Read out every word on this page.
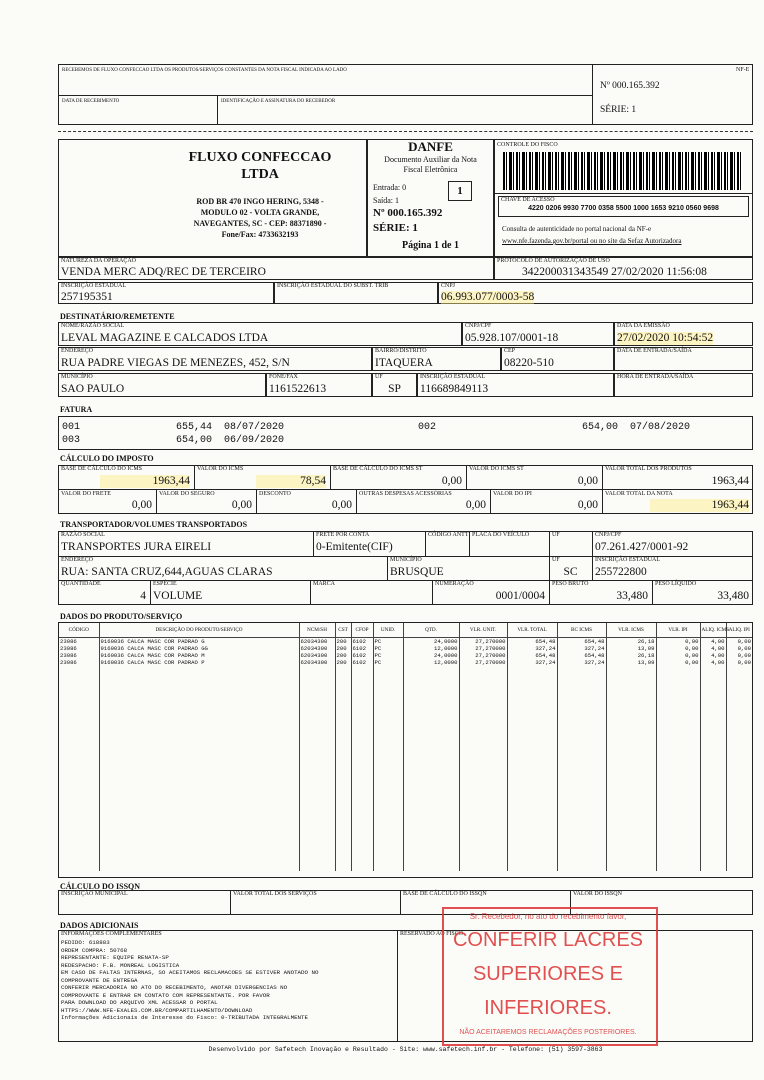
RECEBEMOS DE FLUXO CONFECCAO LTDA OS PRODUTOS/SERVIÇOS CONSTANTES DA NOTA FISCAL INDICADA AO LADO
DATA DE RECEBIMENTO	IDENTIFICAÇÃO E ASSINATURA DO RECEBEDOR
NF-E
Nº 000.165.392
SÉRIE: 1
FLUXO CONFECCAO
LTDA
ROD BR 470 INGO HERING, 5348 -
MODULO 02 - VOLTA GRANDE,
NAVEGANTES, SC - CEP: 88371890 -
Fone/Fax: 4733632193
DANFE
Documento Auxiliar da Nota
Fiscal Eletrônica
Entrada: 0
Saída: 1
1
Nº 000.165.392
SÉRIE: 1
Página 1 de 1
CONTROLE DO FISCO
CHAVE DE ACESSO
4220 0206 9930 7700 0358 5500 1000 1653 9210 0560 9698
Consulta de autenticidade no portal nacional da NF-e
www.nfe.fazenda.gov.br/portal ou no site da Sefaz Autorizadora
NATUREZA DA OPERAÇÃO
VENDA MERC ADQ/REC DE TERCEIRO
PROTOCOLO DE AUTORIZAÇÃO DE USO
342200031343549 27/02/2020 11:56:08
INSCRIÇÃO ESTADUAL
257195351
INSCRIÇÃO ESTADUAL DO SUBST. TRIB	CNPJ
06.993.077/0003-58
DESTINATÁRIO/REMETENTE
NOME/RAZÃO SOCIAL
LEVAL MAGAZINE E CALCADOS LTDA
CNPJ/CPF
05.928.107/0001-18
DATA DA EMISSÃO
27/02/2020 10:54:52
ENDEREÇO
RUA PADRE VIEGAS DE MENEZES, 452, S/N
BAIRRO/DISTRITO
ITAQUERA
CEP
08220-510
DATA DE ENTRADA/SAÍDA
MUNICÍPIO
SAO PAULO
FONE/FAX
1161522613
UF
SP
INSCRIÇÃO ESTADUAL
116689849113
HORA DE ENTRADA/SAÍDA
FATURA
001                655,44  08/07/2020	002	654,00  07/08/2020
003                654,00  06/09/2020
CÁLCULO DO IMPOSTO
BASE DE CÁLCULO DO ICMS
1963,44
VALOR DO ICMS
78,54
BASE DE CÁLCULO DO ICMS ST
0,00
VALOR DO ICMS ST
0,00
VALOR TOTAL DOS PRODUTOS
1963,44
VALOR DO FRETE
0,00
VALOR DO SEGURO
0,00
DESCONTO
0,00
OUTRAS DESPESAS ACESSÓRIAS
0,00
VALOR DO IPI
0,00
VALOR TOTAL DA NOTA
1963,44
TRANSPORTADOR/VOLUMES TRANSPORTADOS
RAZÃO SOCIAL
TRANSPORTES JURA EIRELI
FRETE POR CONTA
0-Emitente(CIF)
CÓDIGO ANTT PLACA DO VEÍCULO	UF	CNPJ/CPF
07.261.427/0001-92
ENDEREÇO
RUA: SANTA CRUZ,644,AGUAS CLARAS
MUNICÍPIO
BRUSQUE
UF
SC
INSCRIÇÃO ESTADUAL
255722800
QUANTIDADE
4
ESPÉCIE
VOLUME
MARCA	NUMERAÇÃO
0001/0004
PESO BRUTO
33,480
PESO LÍQUIDO
33,480
DADOS DO PRODUTO/SERVIÇO
CÓDIGO	DESCRIÇÃO DO PRODUTO/SERVIÇO	NCM/SH	CST	CFOP	UNID.	QTD.	VLR. UNIT.	VLR. TOTAL	BC ICMS	VLR. ICMS	VLR. IPI	ALIQ. ICMS	ALIQ. IPI
23086	9160036 CALCA MASC COR PADRAO G	62034300	200	6102	PC	24,0000	27,270000	654,48	654,48	26,18	0,00	4,00	0,00
23086	9160036 CALCA MASC COR PADRAO GG	62034300	200	6102	PC	12,0000	27,270000	327,24	327,24	13,09	0,00	4,00	0,00
23086	9160036 CALCA MASC COR PADRAO M	62034300	200	6102	PC	24,0000	27,270000	654,48	654,48	26,18	0,00	4,00	0,00
23086	9160036 CALCA MASC COR PADRAO P	62034300	200	6102	PC	12,0000	27,270000	327,24	327,24	13,09	0,00	4,00	0,00

CÁLCULO DO ISSQN
INSCRIÇÃO MUNICIPAL	VALOR TOTAL DOS SERVIÇOS	BASE DE CÁLCULO DO ISSQN	VALOR DO ISSQN
DADOS ADICIONAIS
INFORMAÇÕES COMPLEMENTARES	RESERVADO AO FISCO
PEDIDO: 618883
ORDEM COMPRA: 50768
REPRESENTANTE: EQUIPE RENATA-SP
REDESPACHO: F.B. MONREAL LOGISTICA
EM CASO DE FALTAS INTERNAS, SO ACEITAMOS RECLAMACOES SE ESTIVER ANOTADO NO
COMPROVANTE DE ENTREGA
CONFERIR MERCADORIA NO ATO DO RECEBIMENTO, ANOTAR DIVERGENCIAS NO
COMPROVANTE E ENTRAR EM CONTATO COM REPRESENTANTE. POR FAVOR
PARA DOWNLOAD DO ARQUIVO XML ACESSAR O PORTAL
HTTPS://WWW.NFE-EXALES.COM.BR/COMPARTILHAMENTO/DOWNLOAD
Informações Adicionais de Interesse do Fisco: 0-TRIBUTADA INTEGRALMENTE
Sr. Recebedor, no ato do recebimento favor,
CONFERIR LACRES
SUPERIORES E
INFERIORES.
NÃO ACEITAREMOS RECLAMAÇÕES POSTERIORES.
Desenvolvido por Safetech Inovação e Resultado - Site: www.safetech.inf.br - Telefone: (51) 3597-3863
